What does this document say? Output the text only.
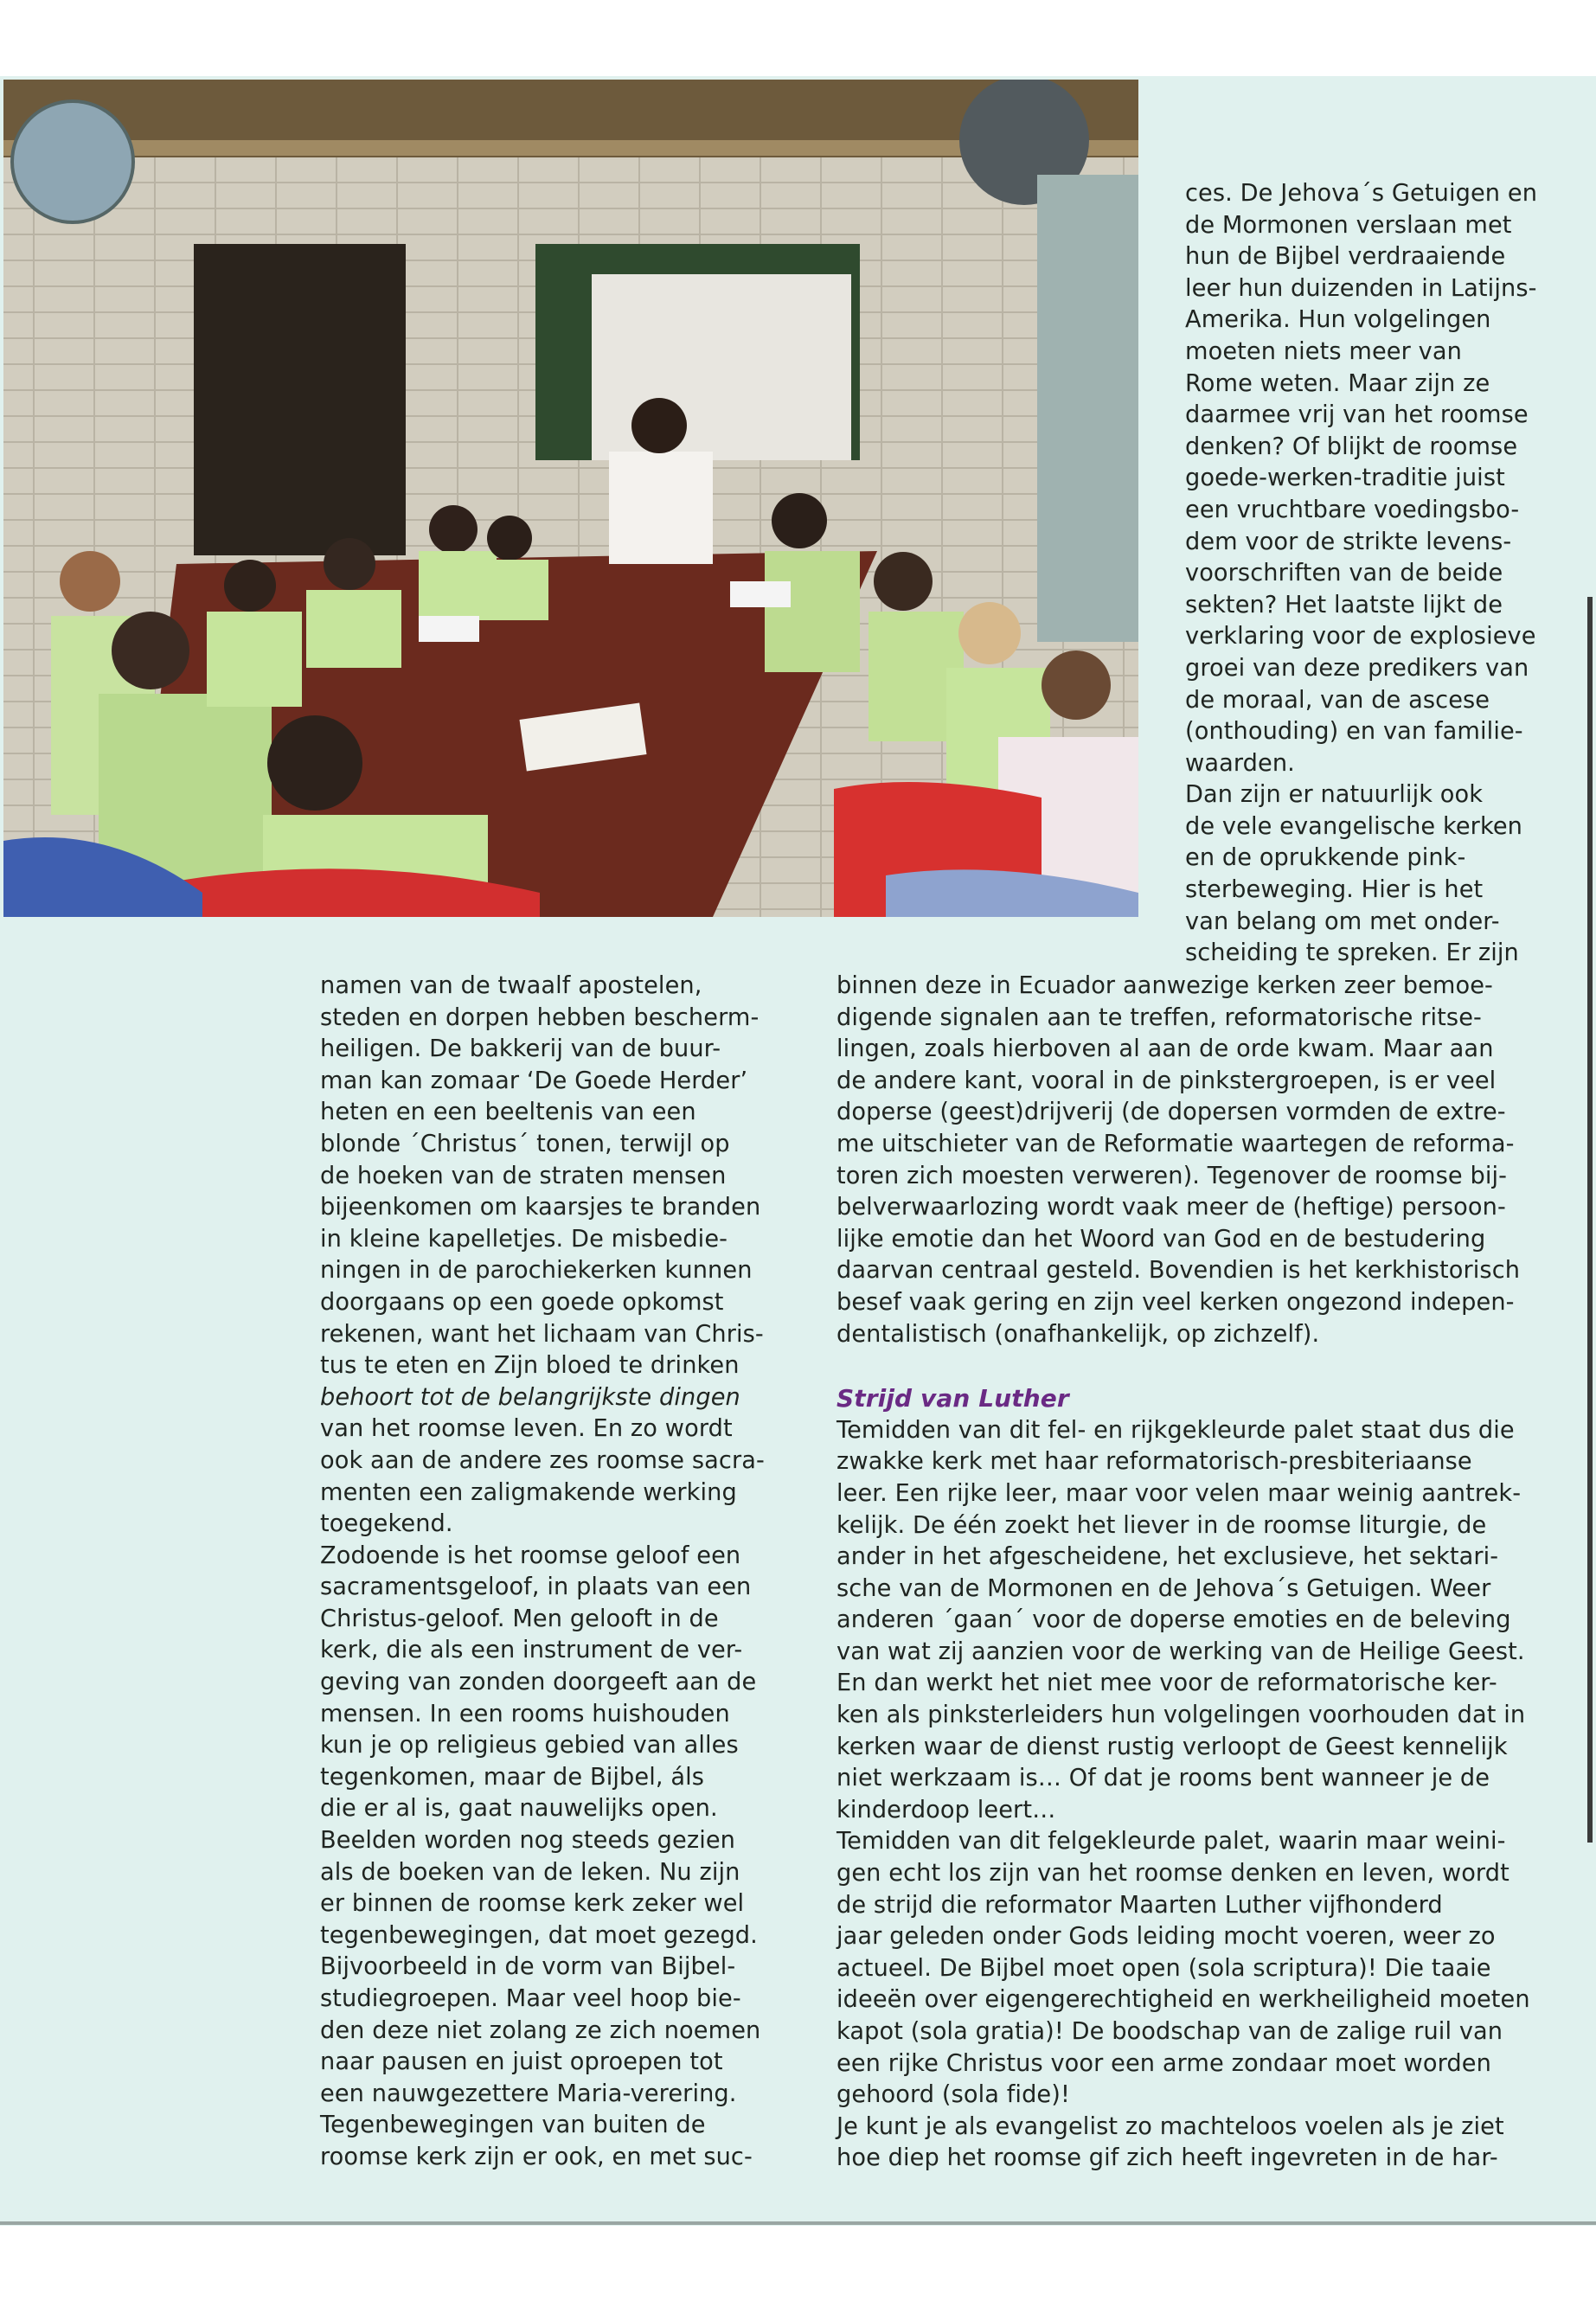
ces. De Jehova´s Getuigen en

de Mormonen verslaan met

hun de Bijbel verdraaiende

leer hun duizenden in Latijns-

Amerika. Hun volgelingen

moeten niets meer van

Rome weten. Maar zijn ze

daarmee vrij van het roomse

denken? Of blijkt de roomse

goede-werken-traditie juist

een vruchtbare voedingsbo-

dem voor de strikte levens-

voorschriften van de beide

sekten? Het laatste lijkt de

verklaring voor de explosieve

groei van deze predikers van

de moraal, van de ascese

(onthouding) en van familie-

waarden.

Dan zijn er natuurlijk ook

de vele evangelische kerken

en de oprukkende pink-

sterbeweging. Hier is het

van belang om met onder-

scheiding te spreken. Er zijn

namen van de twaalf apostelen,

steden en dorpen hebben bescherm-

heiligen. De bakkerij van de buur-

man kan zomaar ‘De Goede Herder’

heten en een beeltenis van een

blonde ´Christus´ tonen, terwijl op

de hoeken van de straten mensen

bijeenkomen om kaarsjes te branden

in kleine kapelletjes. De misbedie-

ningen in de parochiekerken kunnen

doorgaans op een goede opkomst

rekenen, want het lichaam van Chris-

tus te eten en Zijn bloed te drinken

behoort tot de belangrijkste dingen

van het roomse leven. En zo wordt

ook aan de andere zes roomse sacra-

menten een zaligmakende werking

toegekend.

Zodoende is het roomse geloof een

sacramentsgeloof, in plaats van een

Christus-geloof. Men gelooft in de

kerk, die als een instrument de ver-

geving van zonden doorgeeft aan de

mensen. In een rooms huishouden

kun je op religieus gebied van alles

tegenkomen, maar de Bijbel, áls

die er al is, gaat nauwelijks open.

Beelden worden nog steeds gezien

als de boeken van de leken. Nu zijn

er binnen de roomse kerk zeker wel

tegenbewegingen, dat moet gezegd.

Bijvoorbeeld in de vorm van Bijbel-

studiegroepen. Maar veel hoop bie-

den deze niet zolang ze zich noemen

naar pausen en juist oproepen tot

een nauwgezettere Maria-verering.

Tegenbewegingen van buiten de

roomse kerk zijn er ook, en met suc-

binnen deze in Ecuador aanwezige kerken zeer bemoe-

digende signalen aan te treffen, reformatorische ritse-

lingen, zoals hierboven al aan de orde kwam. Maar aan

de andere kant, vooral in de pinkstergroepen, is er veel

doperse (geest)drijverij (de dopersen vormden de extre-

me uitschieter van de Reformatie waartegen de reforma-

toren zich moesten verweren). Tegenover de roomse bij-

belverwaarlozing wordt vaak meer de (heftige) persoon-

lijke emotie dan het Woord van God en de bestudering

daarvan centraal gesteld. Bovendien is het kerkhistorisch

besef vaak gering en zijn veel kerken ongezond indepen-

dentalistisch (onafhankelijk, op zichzelf).

Strijd van Luther

Temidden van dit fel- en rijkgekleurde palet staat dus die

zwakke kerk met haar reformatorisch-presbiteriaanse

leer. Een rijke leer, maar voor velen maar weinig aantrek-

kelijk. De één zoekt het liever in de roomse liturgie, de

ander in het afgescheidene, het exclusieve, het sektari-

sche van de Mormonen en de Jehova´s Getuigen. Weer

anderen ´gaan´ voor de doperse emoties en de beleving

van wat zij aanzien voor de werking van de Heilige Geest.

En dan werkt het niet mee voor de reformatorische ker-

ken als pinksterleiders hun volgelingen voorhouden dat in

kerken waar de dienst rustig verloopt de Geest kennelijk

niet werkzaam is… Of dat je rooms bent wanneer je de

kinderdoop leert…

Temidden van dit felgekleurde palet, waarin maar weini-

gen echt los zijn van het roomse denken en leven, wordt

de strijd die reformator Maarten Luther vijfhonderd

jaar geleden onder Gods leiding mocht voeren, weer zo

actueel. De Bijbel moet open (sola scriptura)! Die taaie

ideeën over eigengerechtigheid en werkheiligheid moeten

kapot (sola gratia)! De boodschap van de zalige ruil van

een rijke Christus voor een arme zondaar moet worden

gehoord (sola fide)!

Je kunt je als evangelist zo machteloos voelen als je ziet

hoe diep het roomse gif zich heeft ingevreten in de har-
